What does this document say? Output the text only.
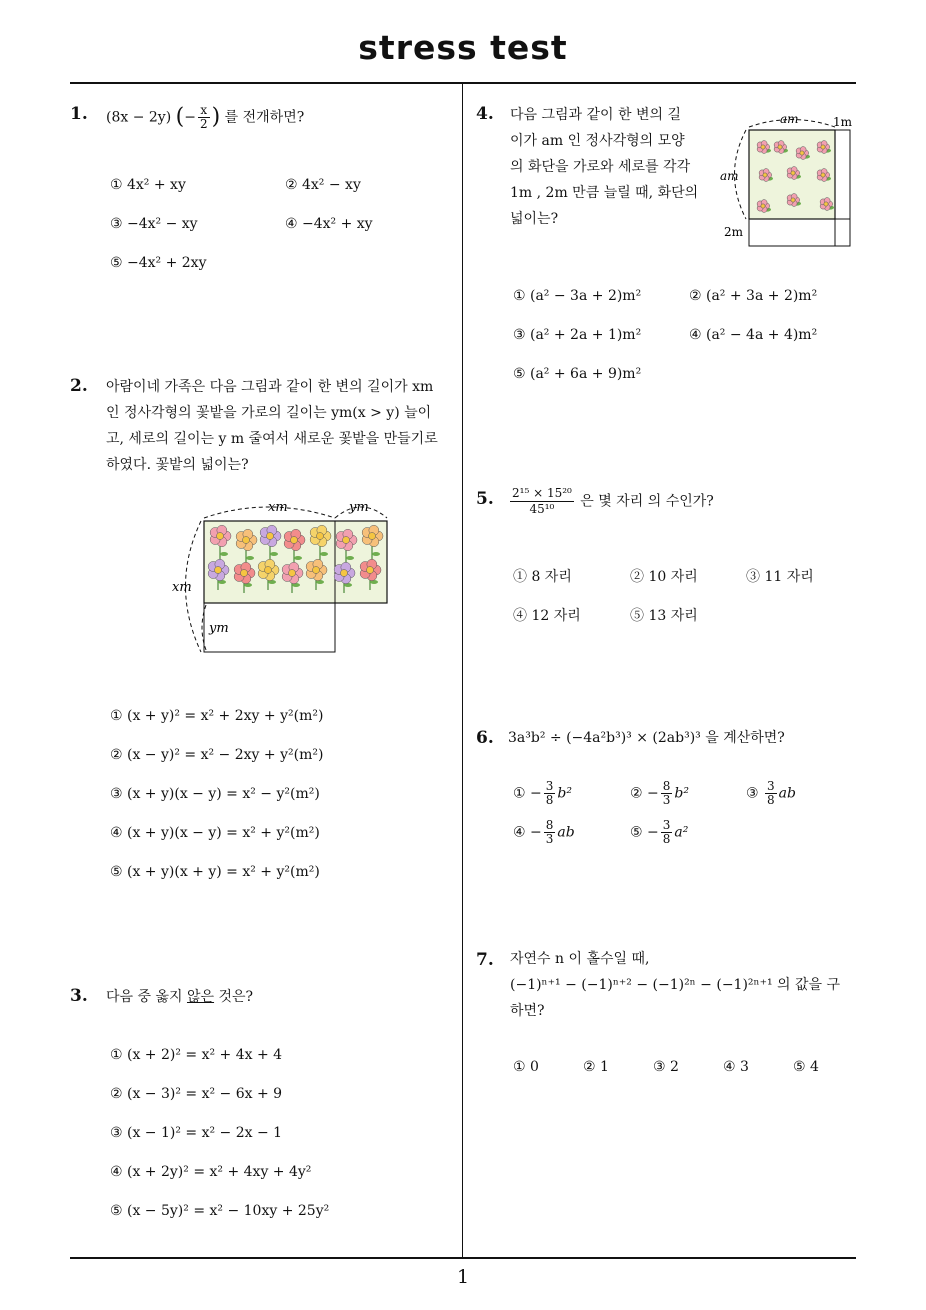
stress test
1
1. (8x − 2y) (− $\frac{x}{2}$ ) 를 전개하면?
① 4x² + xy	② 4x² − xy
③ −4x² − xy	④ −4x² + xy
⑤ −4x² + 2xy
2. 아람이네 가족은 다음 그림과 같이 한 변의 길이가 xm
인 정사각형의 꽃밭을 가로의 길이는 ym(x > y) 늘이
고, 세로의 길이는 y m 줄여서 새로운 꽃밭을 만들기로
하였다. 꽃밭의 넓이는?
xm	ym
xm
ym
① (x + y)² = x² + 2xy + y²(m²)
② (x − y)² = x² − 2xy + y²(m²)
③ (x + y)(x − y) = x² − y²(m²)
④ (x + y)(x − y) = x² + y²(m²)
⑤ (x + y)(x + y) = x² + y²(m²)
3. 다음 중 옳지 않은 것은?
① (x + 2)² = x² + 4x + 4
② (x − 3)² = x² − 6x + 9
③ (x − 1)² = x² − 2x − 1
④ (x + 2y)² = x² + 4xy + 4y²
⑤ (x − 5y)² = x² − 10xy + 25y²
4. 다음 그림과 같이 한 변의 길
이가 am 인 정사각형의 모양
의 화단을 가로와 세로를 각각
1m , 2m 만큼 늘릴 때, 화단의
넓이는?
am	1m
am
2m
① (a² − 3a + 2)m²	② (a² + 3a + 2)m²
③ (a² + 2a + 1)m²	④ (a² − 4a + 4)m²
⑤ (a² + 6a + 9)m²
5. $\frac{\text{2¹⁵ × 15²⁰}}{\text{45¹⁰}}$ 은 몇 자리 의 수인가?
① 8 자리	② 10 자리	③ 11 자리
④ 12 자리	⑤ 13 자리
6. 3a³b² ÷ (−4a²b³)³ × (2ab³)³ 을 계산하면?
① − $\frac{3}{8} b^2$	② − $\frac{8}{3} b^2$	③ $\frac{3}{8}$ ab
④ − $\frac{8}{3}$ ab	⑤ − $\frac{3}{8} a^2$
7. 자연수 n 이 홀수일 때,
(−1)ⁿ⁺¹ − (−1)ⁿ⁺² − (−1)²ⁿ − (−1)²ⁿ⁺¹ 의 값을 구
하면?
① 0	② 1	③ 2	④ 3	⑤ 4
